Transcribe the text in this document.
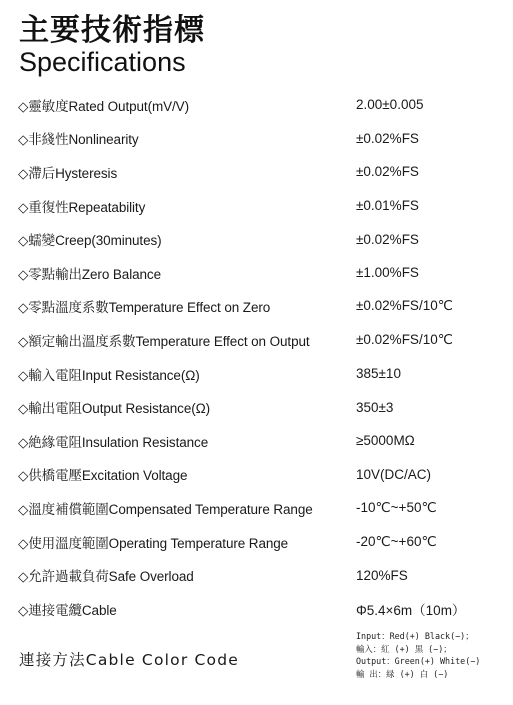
主要技術指標
Specifications
◇靈敏度Rated Output(mV/V)	2.00±0.005
◇非綫性Nonlinearity	±0.02%FS
◇滯后Hysteresis	±0.02%FS
◇重復性Repeatability	±0.01%FS
◇蠕變Creep(30minutes)	±0.02%FS
◇零點輸出Zero Balance	±1.00%FS
◇零點溫度系數Temperature Effect on Zero	±0.02%FS/10℃
◇額定輸出溫度系數Temperature Effect on Output	±0.02%FS/10℃
◇輸入電阻Input Resistance(Ω)	385±10
◇輸出電阻Output Resistance(Ω)	350±3
◇絶緣電阻Insulation Resistance	≥5000MΩ
◇供橋電壓Excitation Voltage	10V(DC/AC)
◇溫度補償範圍Compensated Temperature Range	-10℃~+50℃
◇使用溫度範圍Operating Temperature Range	-20℃~+60℃
◇允許過載負荷Safe Overload	120%FS
◇連接電纜Cable	Φ5.4×6m（10m）
連接方法Cable Color Code
Input：Red(+) Black(−)；
輸入：紅 (+) 黒 (−)；
Output：Green(+) White(−)
輸 出：緑 (+) 白 (−)
